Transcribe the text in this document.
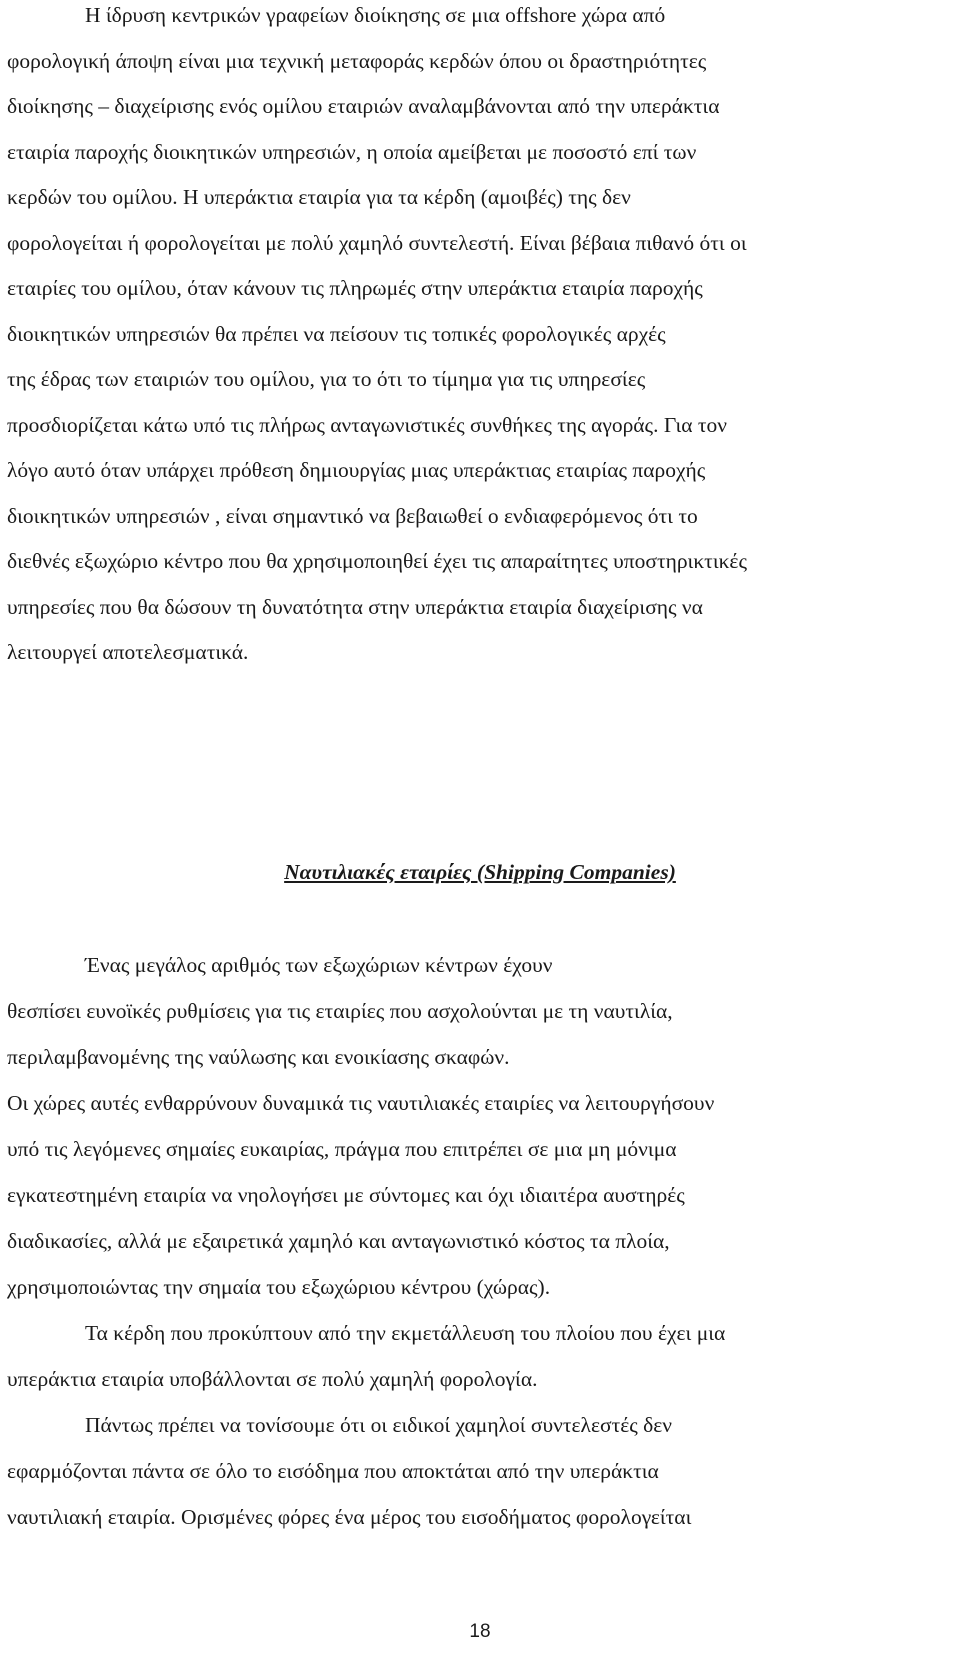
Η ίδρυση κεντρικών γραφείων διοίκησης σε μια offshore χώρα από
φορολογική άποψη είναι μια τεχνική μεταφοράς κερδών όπου οι δραστηριότητες
διοίκησης – διαχείρισης ενός ομίλου εταιριών αναλαμβάνονται από την υπεράκτια
εταιρία παροχής διοικητικών υπηρεσιών, η οποία αμείβεται με ποσοστό επί των
κερδών του ομίλου. Η υπεράκτια εταιρία για τα κέρδη (αμοιβές) της δεν
φορολογείται ή φορολογείται με πολύ χαμηλό συντελεστή. Είναι βέβαια πιθανό ότι οι
εταιρίες του ομίλου, όταν κάνουν τις πληρωμές στην υπεράκτια εταιρία παροχής
διοικητικών υπηρεσιών θα πρέπει να πείσουν τις τοπικές φορολογικές αρχές
της έδρας των εταιριών του ομίλου, για το ότι το τίμημα για τις υπηρεσίες
προσδιορίζεται κάτω υπό τις πλήρως ανταγωνιστικές συνθήκες της αγοράς. Για τον
λόγο αυτό όταν υπάρχει πρόθεση δημιουργίας μιας υπεράκτιας εταιρίας παροχής
διοικητικών υπηρεσιών , είναι σημαντικό να βεβαιωθεί ο ενδιαφερόμενος ότι το
διεθνές εξωχώριο κέντρο που θα χρησιμοποιηθεί έχει τις απαραίτητες υποστηρικτικές
υπηρεσίες που θα δώσουν τη δυνατότητα στην υπεράκτια εταιρία διαχείρισης να
λειτουργεί αποτελεσματικά.
Ναυτιλιακές εταιρίες (Shipping Companies)
Ένας μεγάλος αριθμός των εξωχώριων κέντρων έχουν
θεσπίσει ευνοϊκές ρυθμίσεις για τις εταιρίες που ασχολούνται με τη ναυτιλία,
περιλαμβανομένης της ναύλωσης και ενοικίασης σκαφών.
Οι χώρες αυτές ενθαρρύνουν δυναμικά τις ναυτιλιακές εταιρίες να λειτουργήσουν
υπό τις λεγόμενες σημαίες ευκαιρίας, πράγμα που επιτρέπει σε μια μη μόνιμα
εγκατεστημένη εταιρία να νηολογήσει με σύντομες και όχι ιδιαιτέρα αυστηρές
διαδικασίες, αλλά με εξαιρετικά χαμηλό και ανταγωνιστικό κόστος τα πλοία,
χρησιμοποιώντας την σημαία του εξωχώριου κέντρου (χώρας).
Τα κέρδη που προκύπτουν από την εκμετάλλευση του πλοίου που έχει μια
υπεράκτια εταιρία υποβάλλονται σε πολύ χαμηλή φορολογία.
Πάντως πρέπει να τονίσουμε ότι οι ειδικοί χαμηλοί συντελεστές δεν
εφαρμόζονται πάντα σε όλο το εισόδημα που αποκτάται από την υπεράκτια
ναυτιλιακή εταιρία. Ορισμένες φόρες ένα μέρος του εισοδήματος φορολογείται
18
